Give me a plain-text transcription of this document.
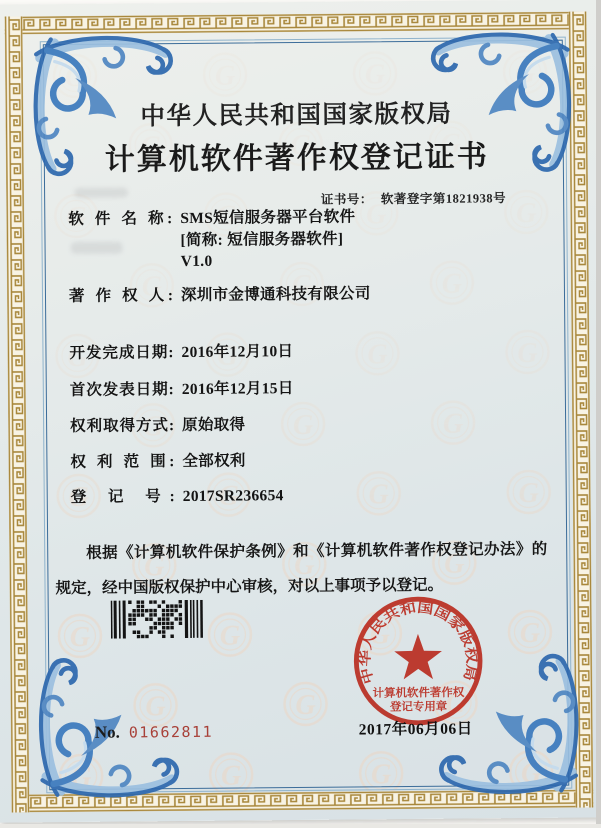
中华人民共和国国家版权局
计算机软件著作权登记证书
证书号： 软著登字第1821938号
软 件 名 称: SMS短信服务器平台软件
[简称: 短信服务器软件]
V1.0
著 作 权 人: 深圳市金博通科技有限公司
开发完成日期: 2016年12月10日
首次发表日期: 2016年12月15日
权利取得方式: 原始取得
权 利 范 围: 全部权利
登 记 号: 2017SR236654

根据《计算机软件保护条例》和《计算机软件著作权登记办法》的规定，经中国版权保护中心审核，对以上事项予以登记。

No. 01662811
中华人民共和国国家版权局
计算机软件著作权
登记专用章
2017年06月06日
